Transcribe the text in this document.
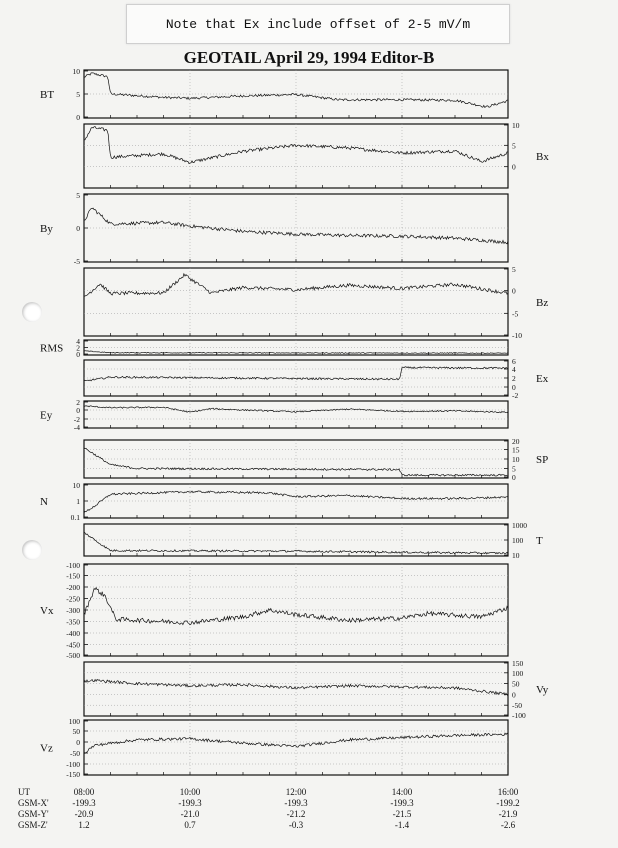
Note that Ex include offset of 2-5 mV/m
GEOTAIL April 29, 1994 Editor-B
10
5
0
BT
10
5
0
Bx
5
0
-5
By
5
0
-5
-10
Bz
4
2
0
RMS
6
4
2
0
-2
Ex
2
0
-2
-4
Ey
20
15
10
5
0
SP
10
1
0.1
N
1000
100
10
T
-100
-150
-200
-250
-300
-350
-400
-450
-500
Vx
150
100
50
0
-50
-100
Vy
100
50
0
-50
-100
-150
Vz
UT
GSM-X'
GSM-Y'
GSM-Z'
08:00
-199.3
-20.9
1.2
10:00
-199.3
-21.0
0.7
12:00
-199.3
-21.2
-0.3
14:00
-199.3
-21.5
-1.4
16:00
-199.2
-21.9
-2.6
